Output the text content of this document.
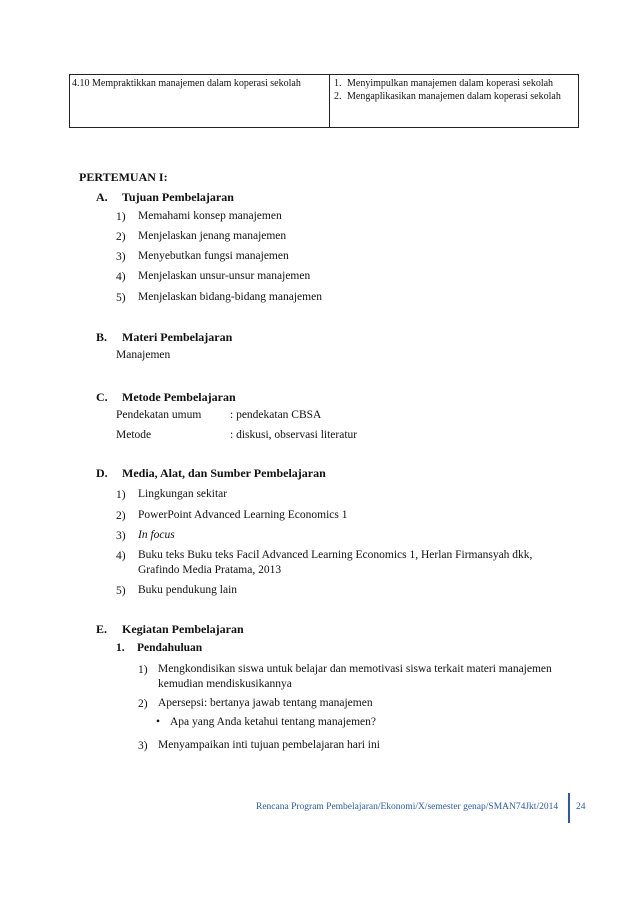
4.10 Mempraktikkan manajemen dalam koperasi sekolah	1. Menyimpulkan manajemen dalam koperasi sekolah
2. Mengaplikasikan manajemen dalam koperasi sekolah
PERTEMUAN I:
A. Tujuan Pembelajaran
1)	Memahami konsep manajemen
2)	Menjelaskan jenang manajemen
3)	Menyebutkan fungsi manajemen
4)	Menjelaskan unsur-unsur manajemen
5)	Menjelaskan bidang-bidang manajemen
B. Materi Pembelajaran
Manajemen
C. Metode Pembelajaran
Pendekatan umum : pendekatan CBSA
Metode	: diskusi, observasi literatur
D. Media, Alat, dan Sumber Pembelajaran
1)	Lingkungan sekitar
2)	PowerPoint Advanced Learning Economics 1
3)	In focus
4)	Buku teks Buku teks Facil Advanced Learning Economics 1, Herlan Firmansyah dkk,
Grafindo Media Pratama, 2013
5)	Buku pendukung lain
E. Kegiatan Pembelajaran
1. Pendahuluan
1) Mengkondisikan siswa untuk belajar dan memotivasi siswa terkait materi manajemen
kemudian mendiskusikannya
2) Apersepsi: bertanya jawab tentang manajemen
• Apa yang Anda ketahui tentang manajemen?
3) Menyampaikan inti tujuan pembelajaran hari ini
Rencana Program Pembelajaran/Ekonomi/X/semester genap/SMAN74Jkt/2014 24
